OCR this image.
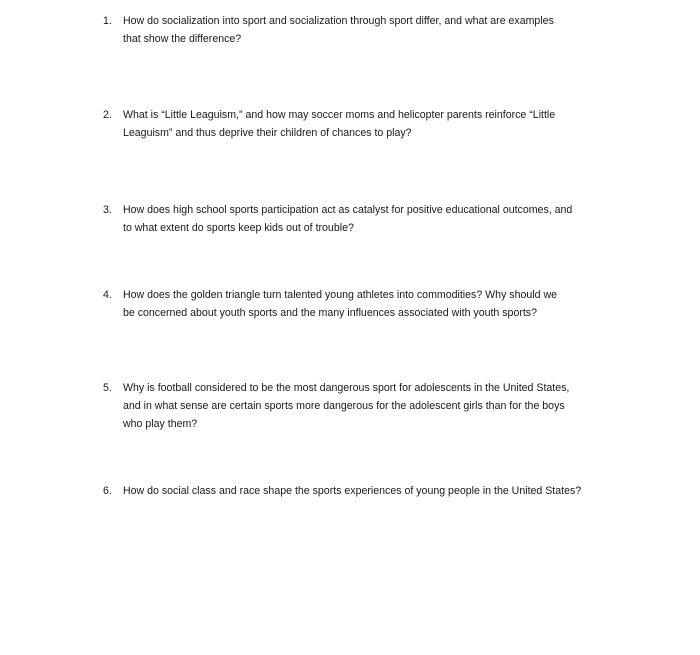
1.	How do socialization into sport and socialization through sport differ, and what are examples
that show the difference?
2.	What is “Little Leaguism,” and how may soccer moms and helicopter parents reinforce “Little
Leaguism” and thus deprive their children of chances to play?
3.	How does high school sports participation act as catalyst for positive educational outcomes, and
to what extent do sports keep kids out of trouble?
4.	How does the golden triangle turn talented young athletes into commodities? Why should we
be concerned about youth sports and the many influences associated with youth sports?
5.	Why is football considered to be the most dangerous sport for adolescents in the United States,
and in what sense are certain sports more dangerous for the adolescent girls than for the boys
who play them?
6.	How do social class and race shape the sports experiences of young people in the United States?
